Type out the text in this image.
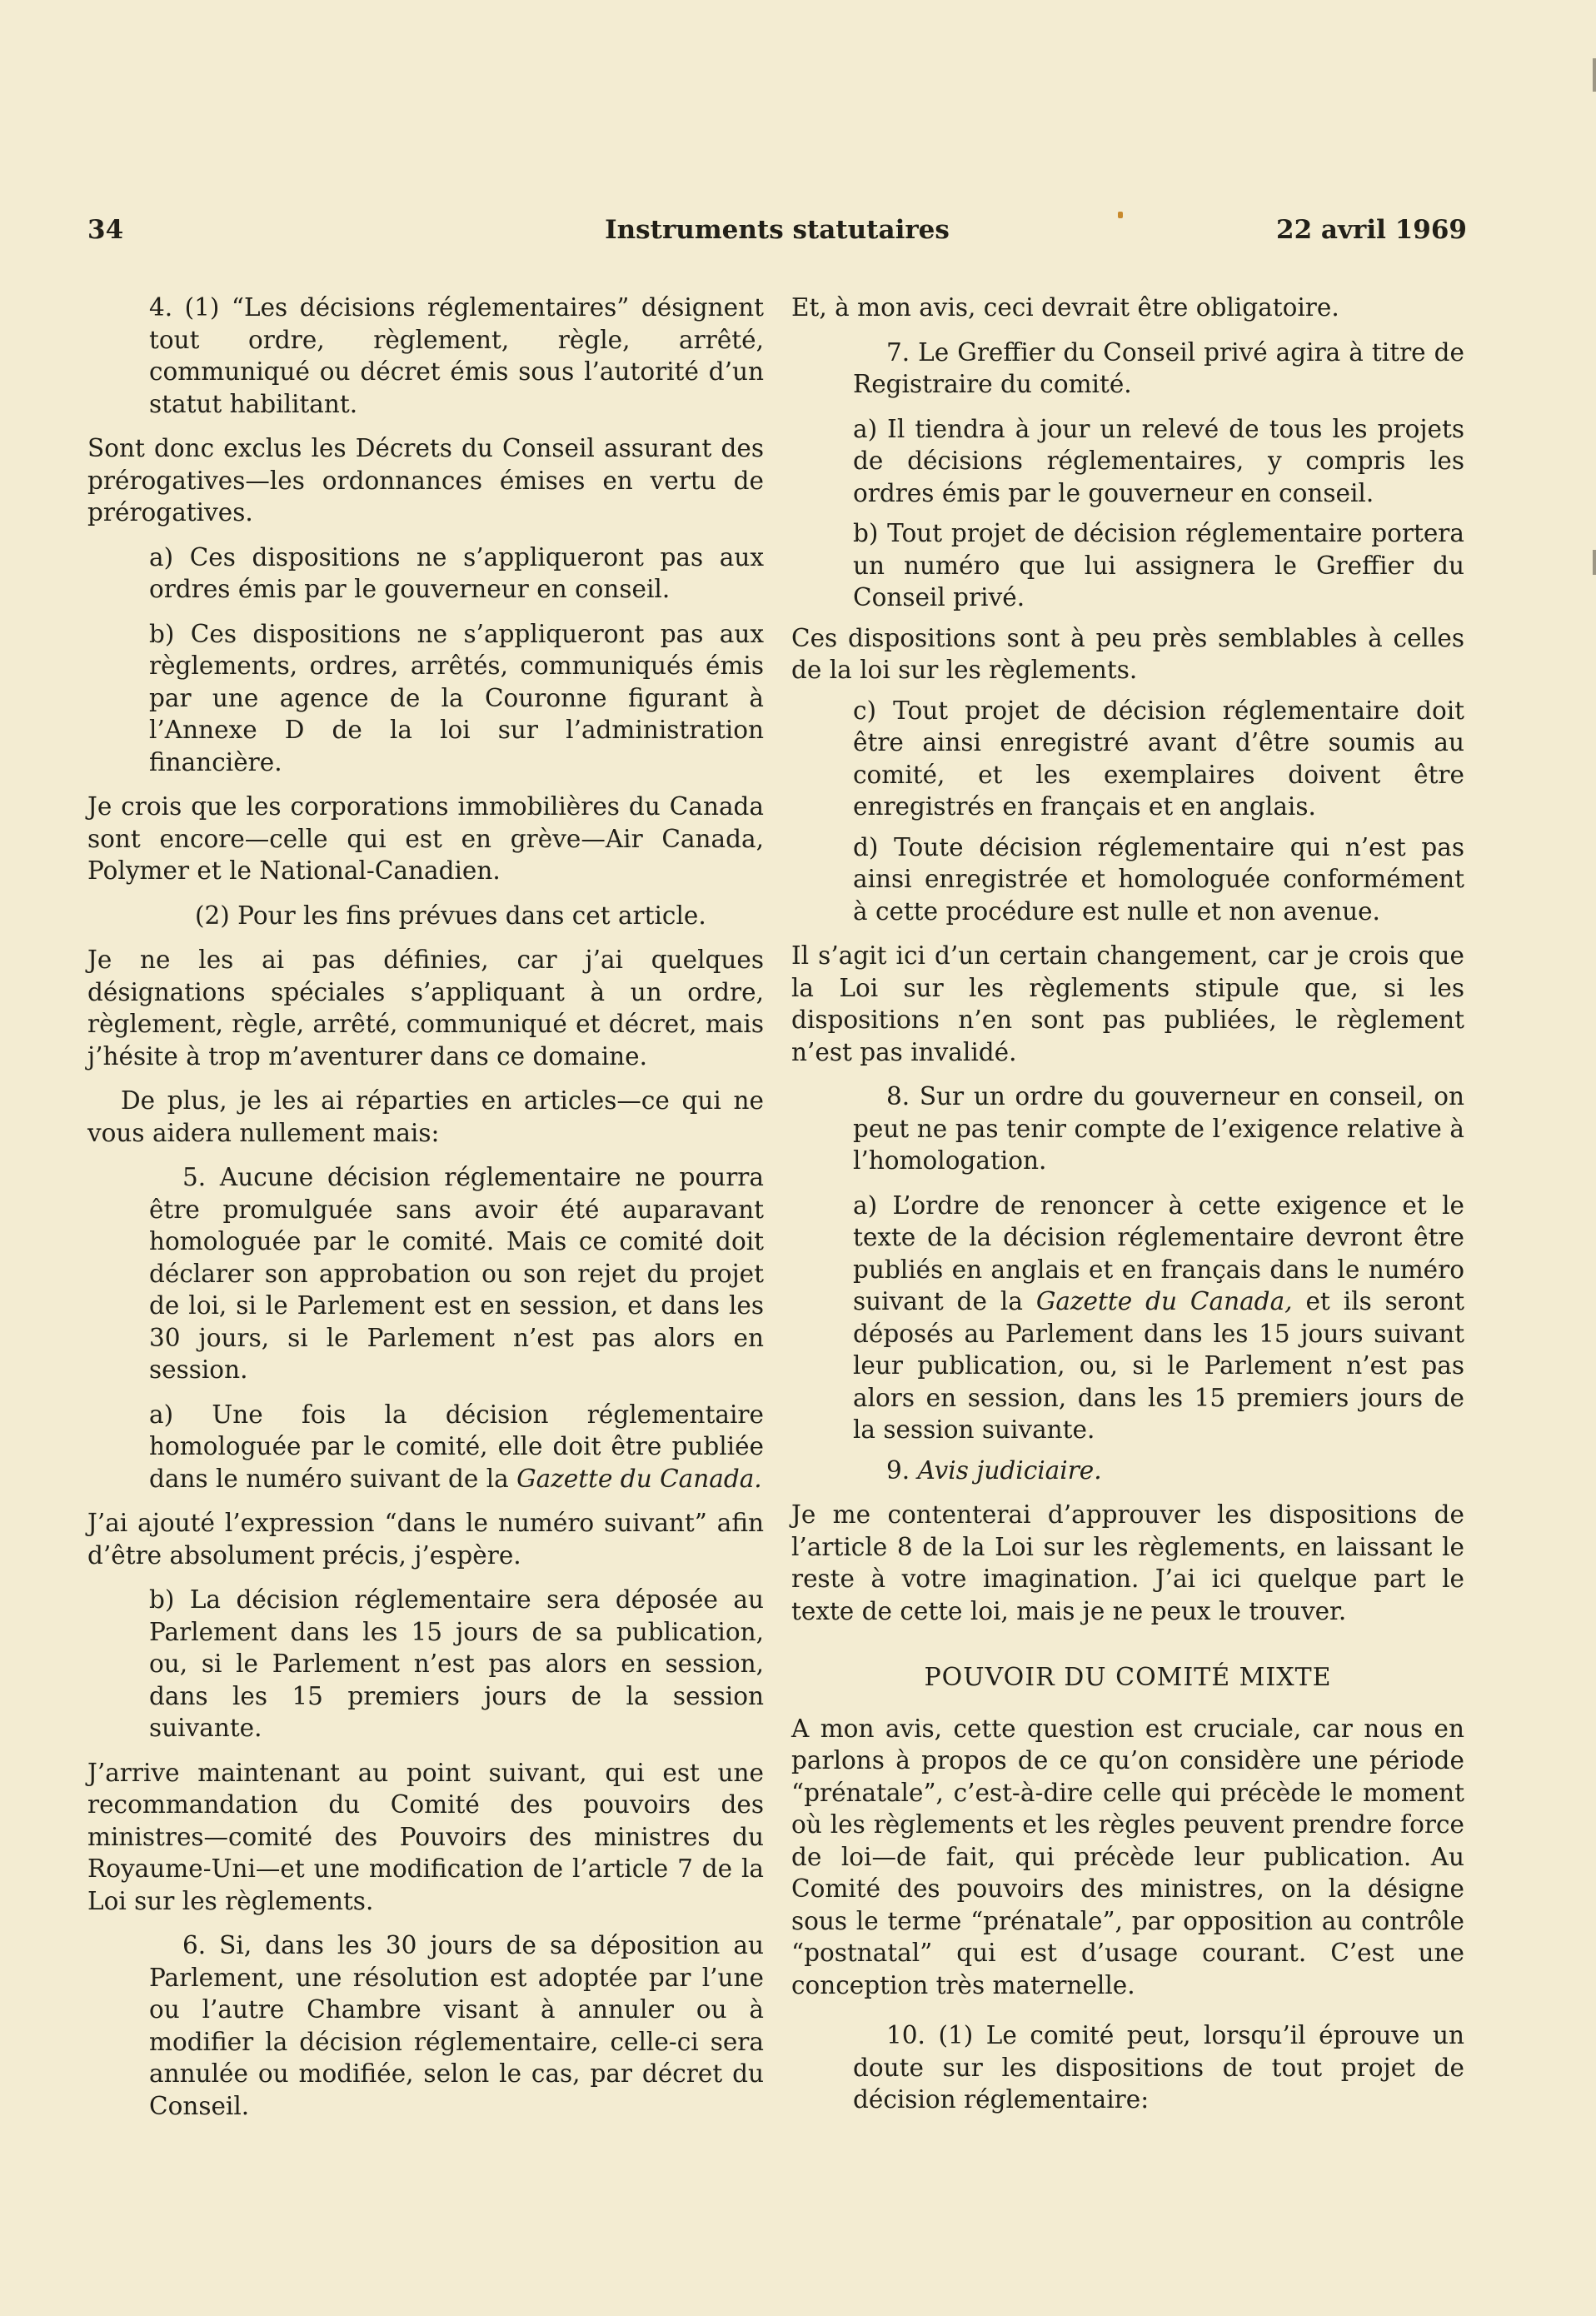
34	Instruments statutaires	22 avril 1969

4. (1) “Les décisions réglementaires” désignent tout ordre, règlement, règle, arrêté, communiqué ou décret émis sous l’autorité d’un statut habilitant.

Sont donc exclus les Décrets du Conseil assurant des prérogatives—les ordonnances émises en vertu de prérogatives.

a) Ces dispositions ne s’appliqueront pas aux ordres émis par le gouverneur en conseil.

b) Ces dispositions ne s’appliqueront pas aux règlements, ordres, arrêtés, communiqués émis par une agence de la Couronne figurant à l’Annexe D de la loi sur l’administration financière.

Je crois que les corporations immobilières du Canada sont encore—celle qui est en grève—Air Canada, Polymer et le National-Canadien.

(2) Pour les fins prévues dans cet article.

Je ne les ai pas définies, car j’ai quelques désignations spéciales s’appliquant à un ordre, règlement, règle, arrêté, communiqué et décret, mais j’hésite à trop m’aventurer dans ce domaine.

De plus, je les ai réparties en articles—ce qui ne vous aidera nullement mais:

5. Aucune décision réglementaire ne pourra être promulguée sans avoir été auparavant homologuée par le comité. Mais ce comité doit déclarer son approbation ou son rejet du projet de loi, si le Parlement est en session, et dans les 30 jours, si le Parlement n’est pas alors en session.

a) Une fois la décision réglementaire homologuée par le comité, elle doit être publiée dans le numéro suivant de la Gazette du Canada.

J’ai ajouté l’expression “dans le numéro suivant” afin d’être absolument précis, j’espère.

b) La décision réglementaire sera déposée au Parlement dans les 15 jours de sa publication, ou, si le Parlement n’est pas alors en session, dans les 15 premiers jours de la session suivante.

J’arrive maintenant au point suivant, qui est une recommandation du Comité des pouvoirs des ministres—comité des Pouvoirs des ministres du Royaume-Uni—et une modification de l’article 7 de la Loi sur les règlements.

6. Si, dans les 30 jours de sa déposition au Parlement, une résolution est adoptée par l’une ou l’autre Chambre visant à annuler ou à modifier la décision réglementaire, celle-ci sera annulée ou modifiée, selon le cas, par décret du Conseil.

Et, à mon avis, ceci devrait être obligatoire.

7. Le Greffier du Conseil privé agira à titre de Registraire du comité.

a) Il tiendra à jour un relevé de tous les projets de décisions réglementaires, y compris les ordres émis par le gouverneur en conseil.

b) Tout projet de décision réglementaire portera un numéro que lui assignera le Greffier du Conseil privé.

Ces dispositions sont à peu près semblables à celles de la loi sur les règlements.

c) Tout projet de décision réglementaire doit être ainsi enregistré avant d’être soumis au comité, et les exemplaires doivent être enregistrés en français et en anglais.

d) Toute décision réglementaire qui n’est pas ainsi enregistrée et homologuée conformément à cette procédure est nulle et non avenue.

Il s’agit ici d’un certain changement, car je crois que la Loi sur les règlements stipule que, si les dispositions n’en sont pas publiées, le règlement n’est pas invalidé.

8. Sur un ordre du gouverneur en conseil, on peut ne pas tenir compte de l’exigence relative à l’homologation.

a) L’ordre de renoncer à cette exigence et le texte de la décision réglementaire devront être publiés en anglais et en français dans le numéro suivant de la Gazette du Canada, et ils seront déposés au Parlement dans les 15 jours suivant leur publication, ou, si le Parlement n’est pas alors en session, dans les 15 premiers jours de la session suivante.

9. Avis judiciaire.

Je me contenterai d’approuver les dispositions de l’article 8 de la Loi sur les règlements, en laissant le reste à votre imagination. J’ai ici quelque part le texte de cette loi, mais je ne peux le trouver.

POUVOIR DU COMITÉ MIXTE

A mon avis, cette question est cruciale, car nous en parlons à propos de ce qu’on considère une période “prénatale”, c’est-à-dire celle qui précède le moment où les règlements et les règles peuvent prendre force de loi—de fait, qui précède leur publication. Au Comité des pouvoirs des ministres, on la désigne sous le terme “prénatale”, par opposition au contrôle “postnatal” qui est d’usage courant. C’est une conception très maternelle.

10. (1) Le comité peut, lorsqu’il éprouve un doute sur les dispositions de tout projet de décision réglementaire:
